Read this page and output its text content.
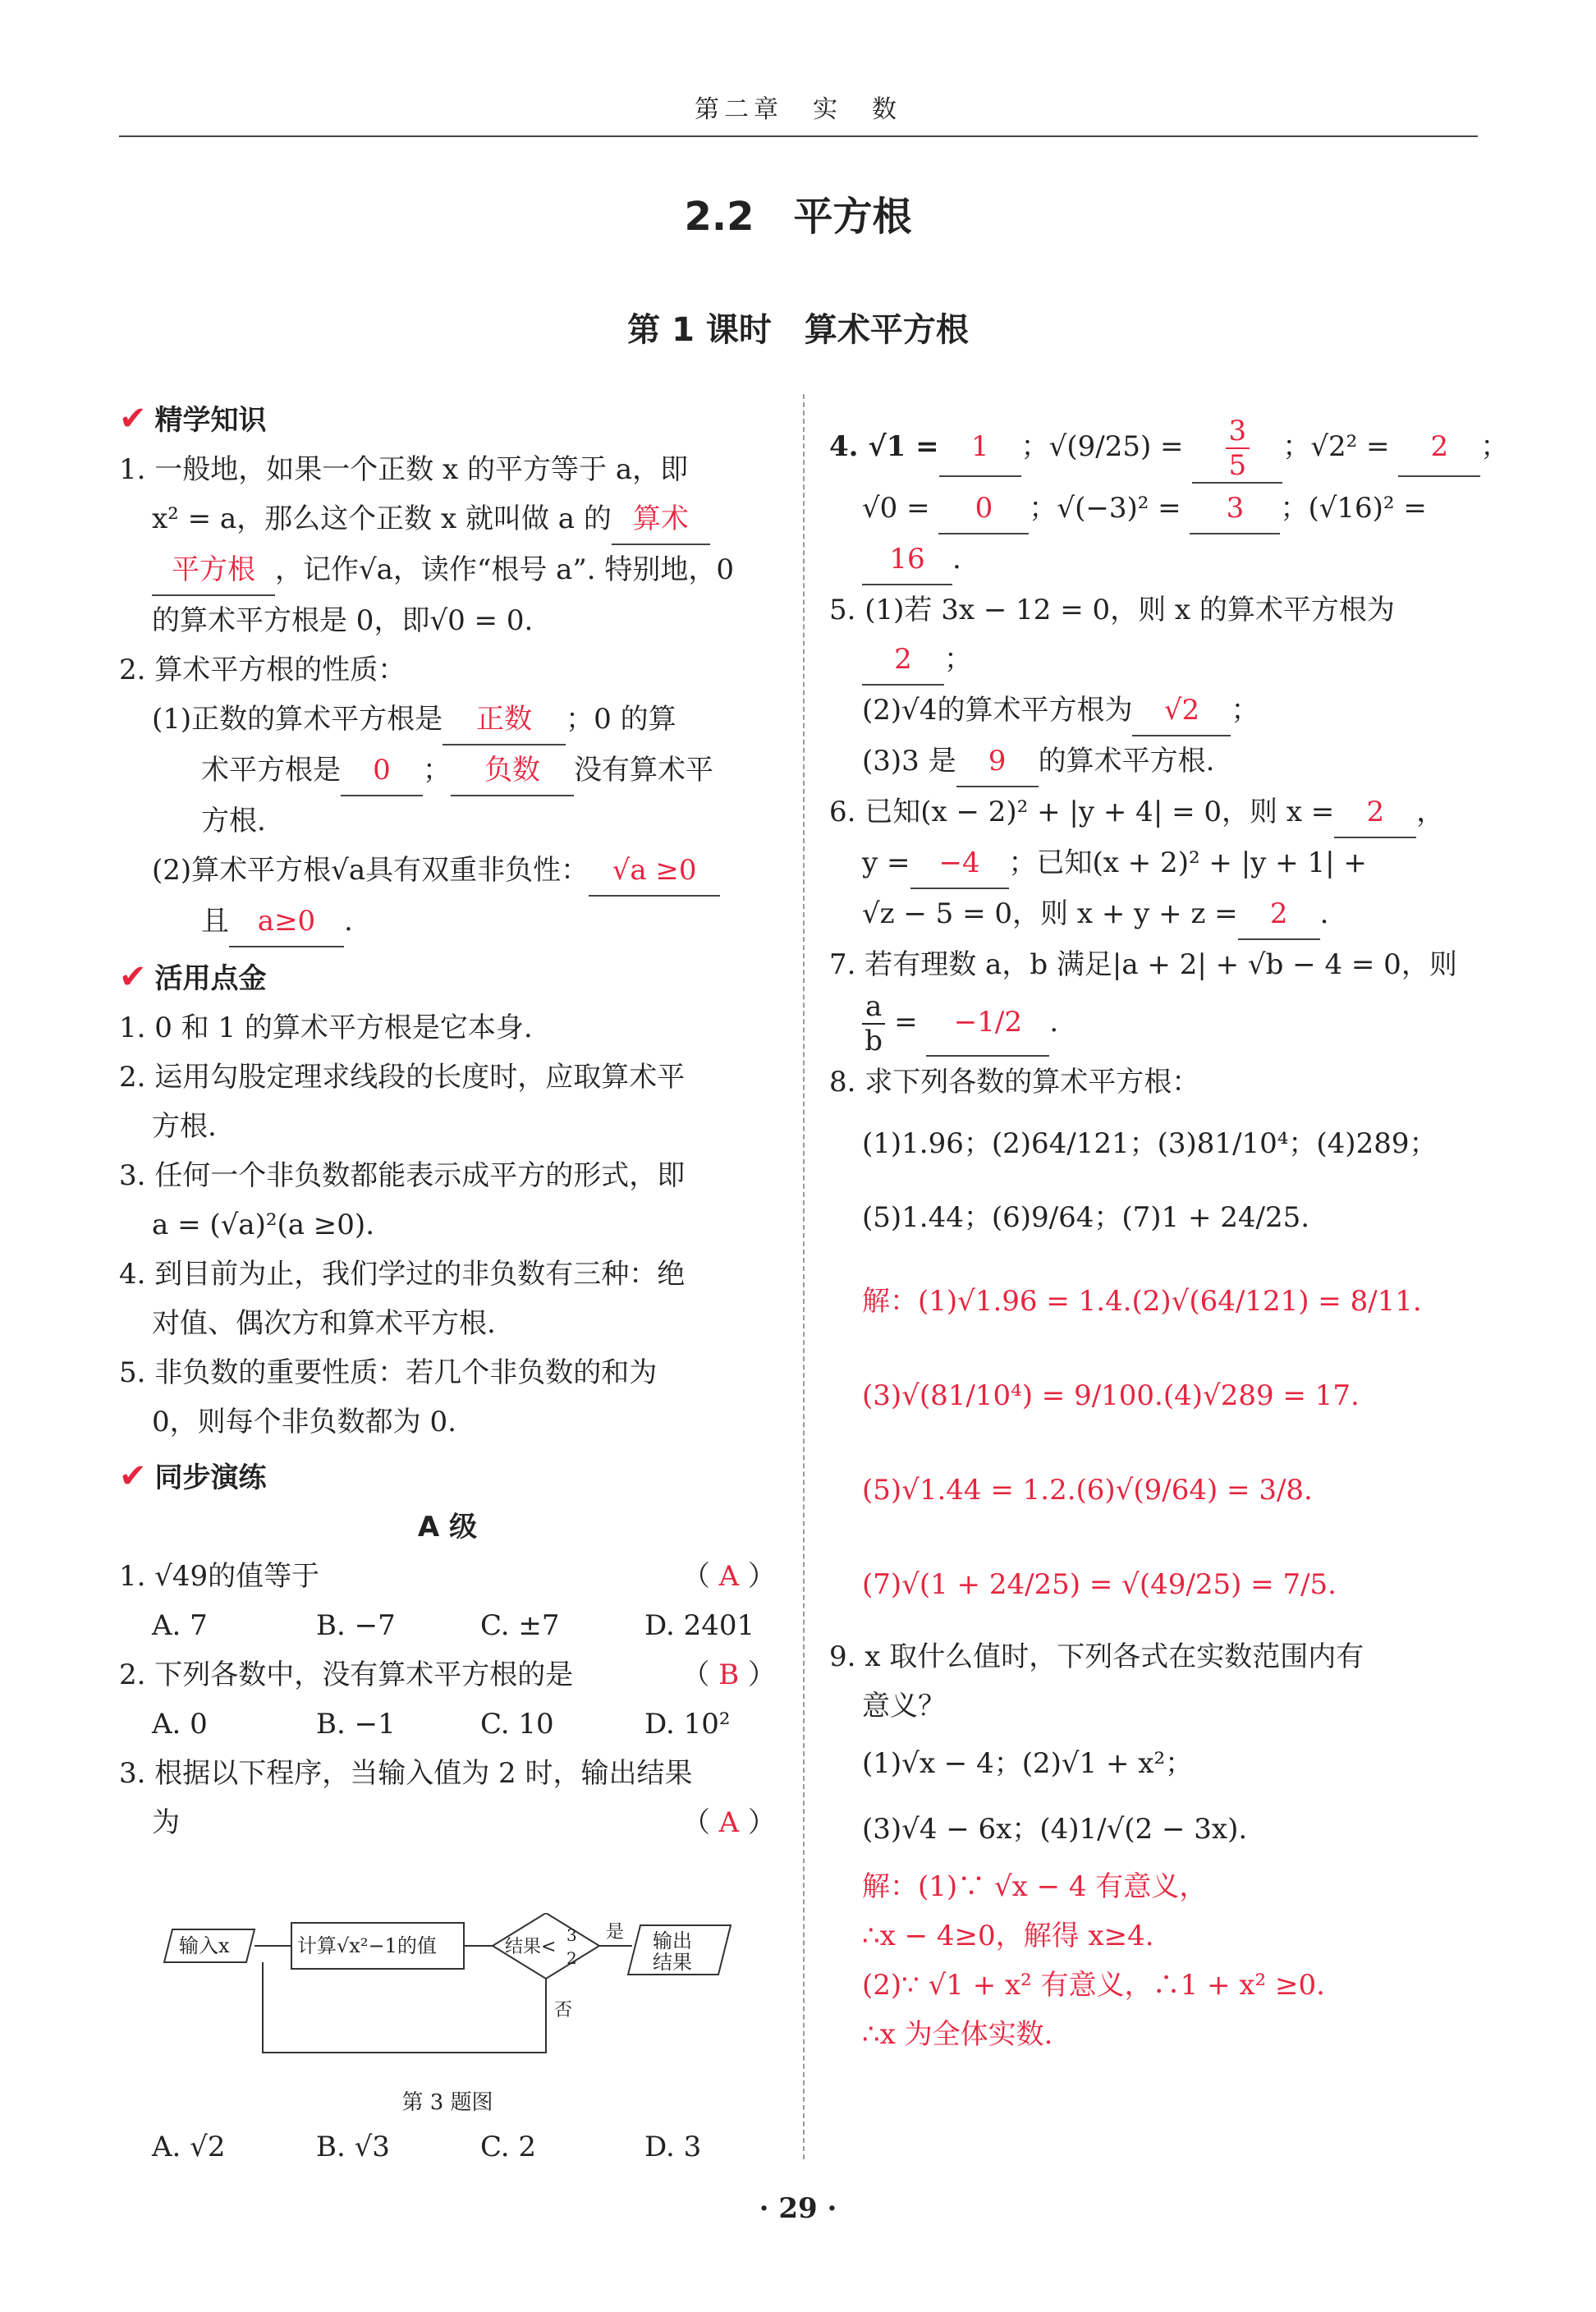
第二章　实　数
2.2　平方根
第 1 课时　算术平方根
✔ 精学知识
1. 一般地，如果一个正数 x 的平方等于 a，即
x² = a，那么这个正数 x 就叫做 a 的 算术
平方根 ，记作√a，读作“根号 a”. 特别地，0
的算术平方根是 0，即√0 = 0.
2. 算术平方根的性质：
(1)正数的算术平方根是 正数 ；0 的算
术平方根是 0 ； 负数 没有算术平
方根.
(2)算术平方根√a具有双重非负性： √a ≥0
且 a≥0 .
✔ 活用点金
1. 0 和 1 的算术平方根是它本身.
2. 运用勾股定理求线段的长度时，应取算术平
方根.
3. 任何一个非负数都能表示成平方的形式，即
a = (√a)²(a ≥0).
4. 到目前为止，我们学过的非负数有三种：绝
对值、偶次方和算术平方根.
5. 非负数的重要性质：若几个非负数的和为
0，则每个非负数都为 0.
✔ 同步演练
A 级
1. √49的值等于	（ A ）
A. 7	B. −7	C. ±7	D. 2401
2. 下列各数中，没有算术平方根的是	（ B ）
A. 0	B. −1	C. 10	D. 10²
3. 根据以下程序，当输入值为 2 时，输出结果
为	（ A ）
输入x	计算√x²−1的值	结果<
3
2
是
否
输出
结果
第 3 题图
A. √2	B. √3	C. 2	D. 3
4. √1 = 1 ；$√(9/25) = \frac{3}{5}$ ；√2² = 2 ；
√0 = 0 ；√(−3)² = 3 ；(√16)² =
16 .
5. (1)若 3x − 12 = 0，则 x 的算术平方根为
2 ；
(2)√4的算术平方根为 √2 ；
(3)3 是 9 的算术平方根.
6. 已知(x − 2)² + |y + 4| = 0，则 x = 2 ，
y = −4 ；已知(x + 2)² + |y + 1| +
√z − 5 = 0，则 x + y + z = 2 .
7. 若有理数 a，b 满足|a + 2| + √b − 4 = 0，则
$\frac{a}{b} = -1/2$ .
8. 求下列各数的算术平方根：
(1)1.96；(2)64/121；(3)81/10⁴；(4)289；
(5)1.44；(6)9/64；(7)1 + 24/25.
解：(1)√1.96 = 1.4.(2)√(64/121) = 8/11.
(3)√(81/10⁴) = 9/100.(4)√289 = 17.
(5)√1.44 = 1.2.(6)√(9/64) = 3/8.
(7)√(1 + 24/25) = √(49/25) = 7/5.
9. x 取什么值时，下列各式在实数范围内有
意义？
(1)√x − 4；(2)√1 + x²；
(3)√4 − 6x；(4)1/√(2 − 3x).
解：(1)∵ √x − 4 有意义，
∴x − 4≥0，解得 x≥4.
(2)∵ √1 + x² 有意义，∴1 + x² ≥0.
∴x 为全体实数.
· 29 ·
